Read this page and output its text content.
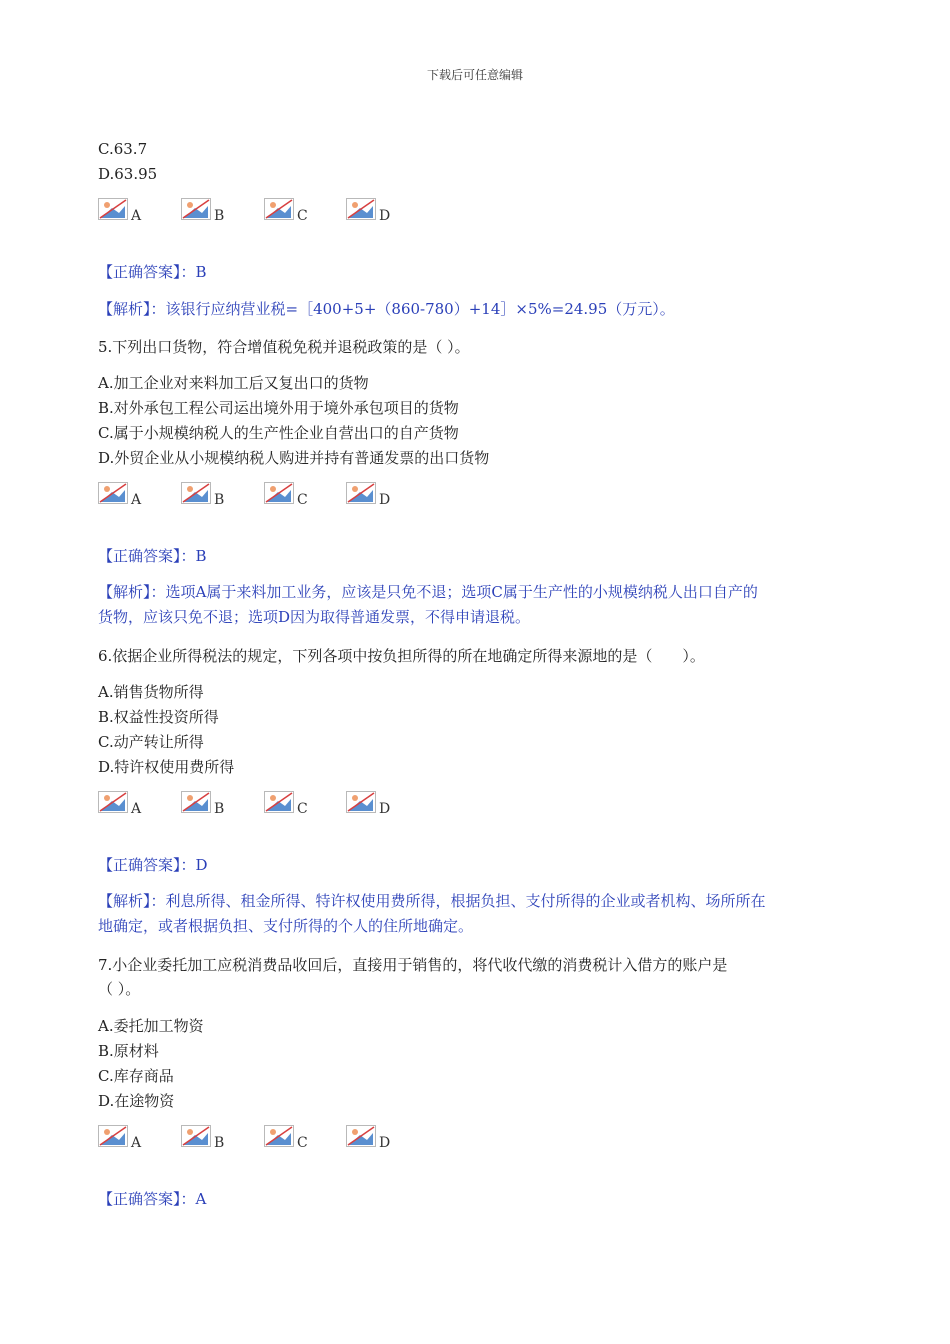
下载后可任意编辑
C.63.7
D.63.95
A	B	C	D
【正确答案】：B
【解析】：该银行应纳营业税=［400+5+（860-780）+14］×5%=24.95（万元）。
5.下列出口货物，符合增值税免税并退税政策的是（ ）。
A.加工企业对来料加工后又复出口的货物
B.对外承包工程公司运出境外用于境外承包项目的货物
C.属于小规模纳税人的生产性企业自营出口的自产货物
D.外贸企业从小规模纳税人购进并持有普通发票的出口货物
A	B	C	D
【正确答案】：B
【解析】：选项A属于来料加工业务，应该是只免不退；选项C属于生产性的小规模纳税人出口自产的
货物，应该只免不退；选项D因为取得普通发票，不得申请退税。
6.依据企业所得税法的规定，下列各项中按负担所得的所在地确定所得来源地的是（　　）。
A.销售货物所得
B.权益性投资所得
C.动产转让所得
D.特许权使用费所得
A	B	C	D
【正确答案】：D
【解析】：利息所得、租金所得、特许权使用费所得，根据负担、支付所得的企业或者机构、场所所在
地确定，或者根据负担、支付所得的个人的住所地确定。
7.小企业委托加工应税消费品收回后，直接用于销售的，将代收代缴的消费税计入借方的账户是
（ ）。
A.委托加工物资
B.原材料
C.库存商品
D.在途物资
A	B	C	D
【正确答案】：A
